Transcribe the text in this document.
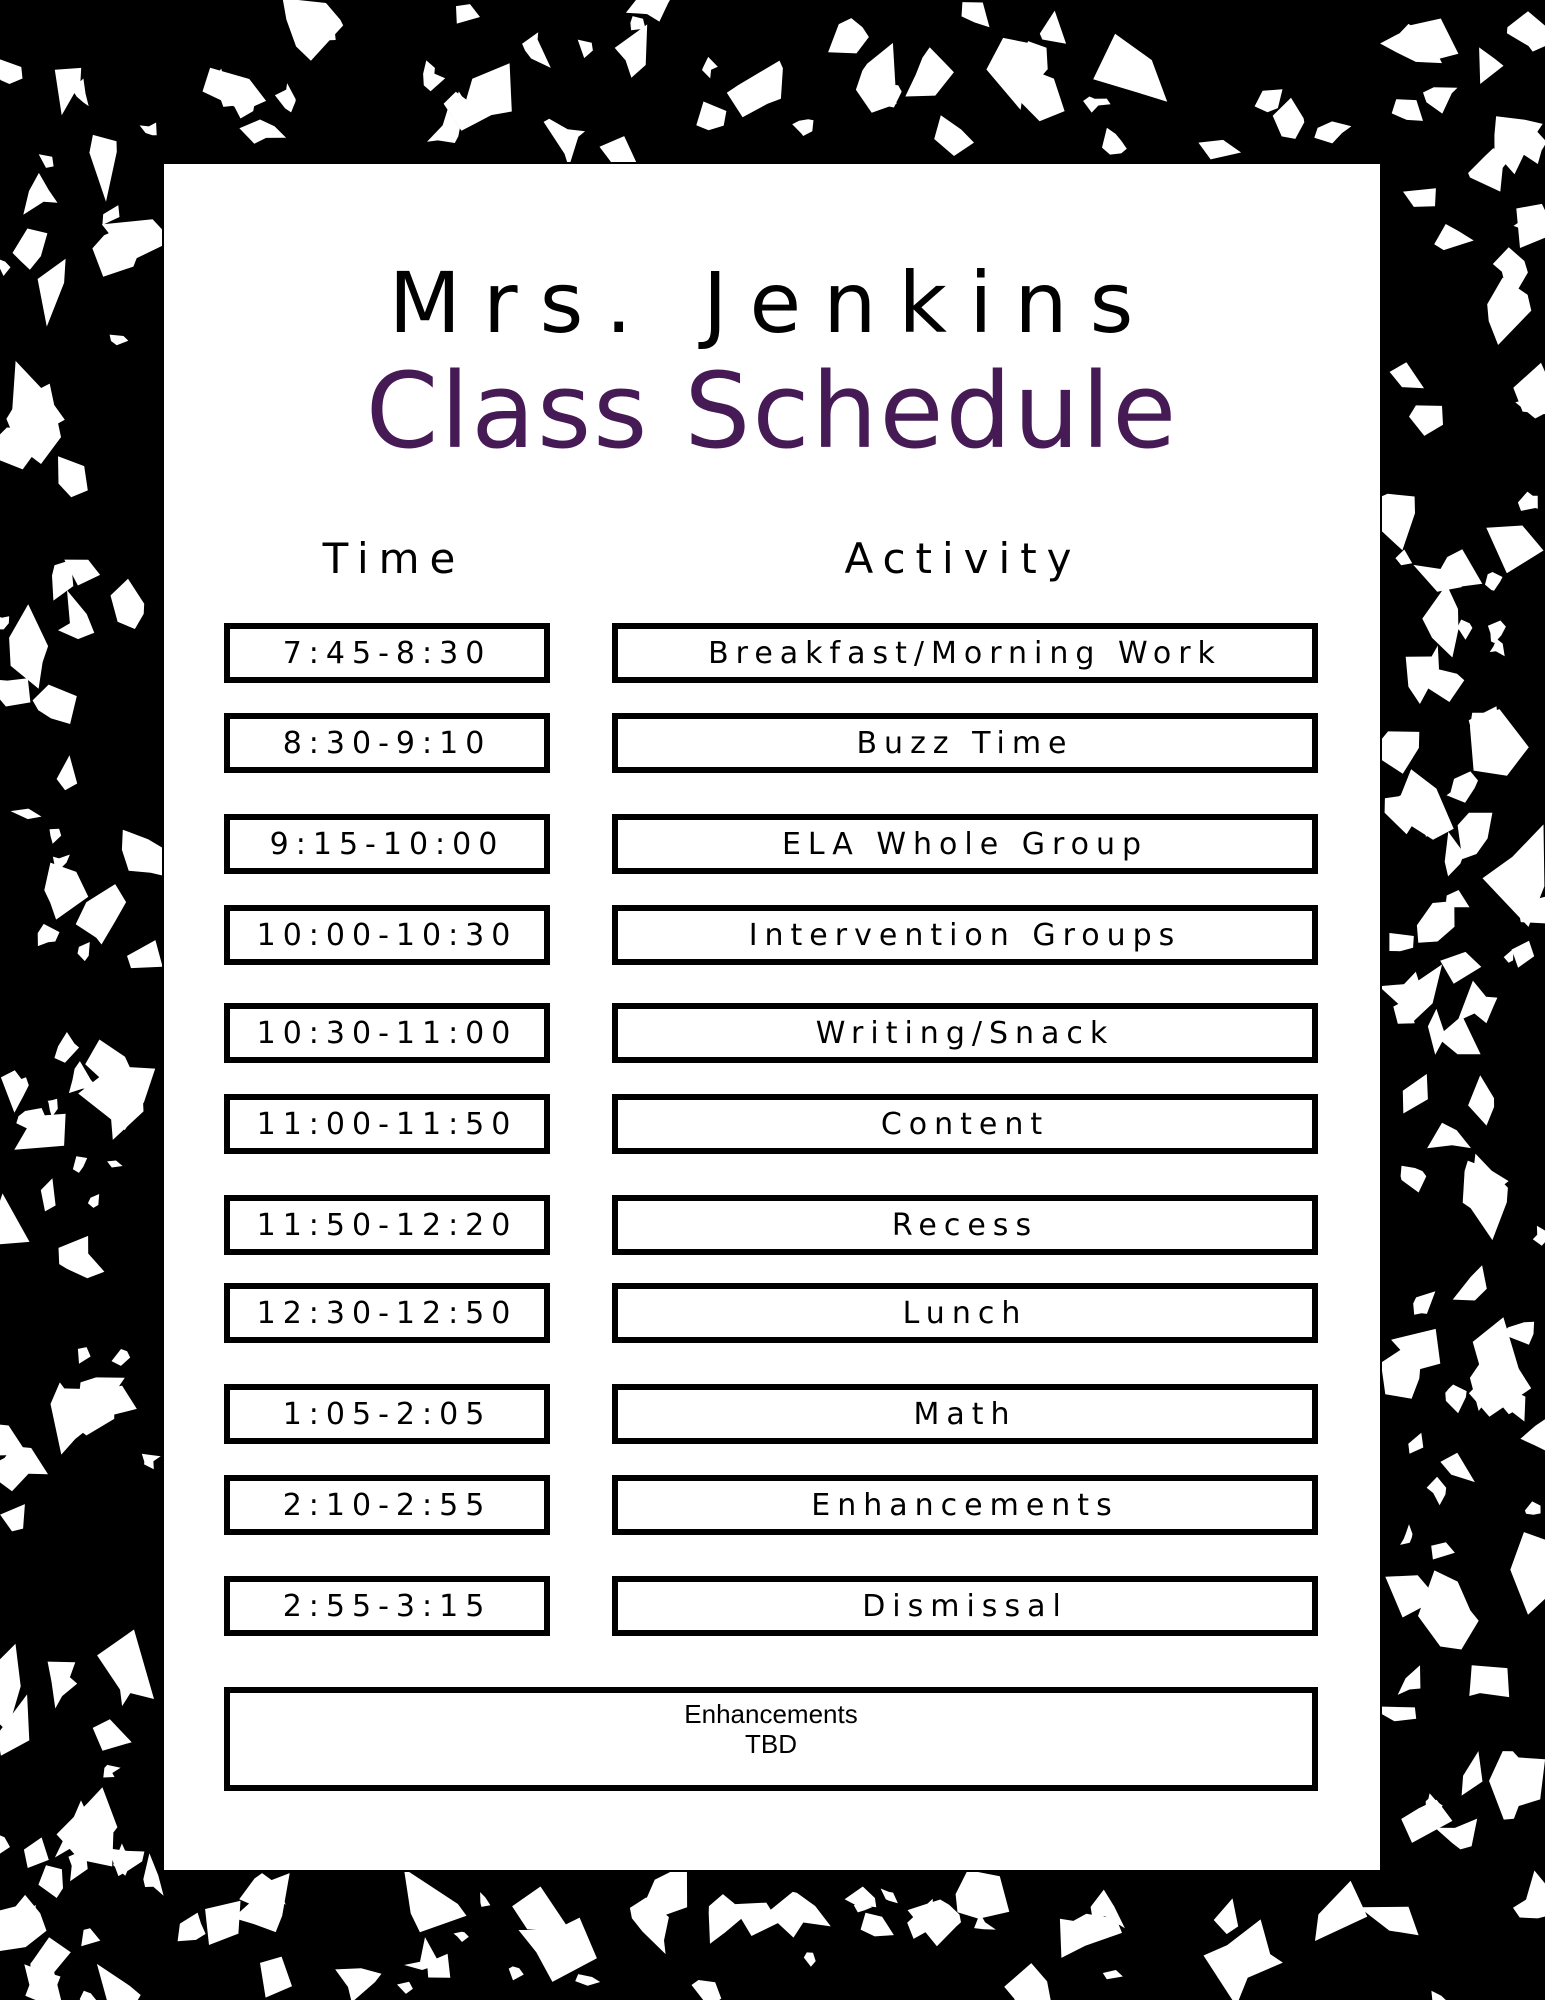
Mrs. Jenkins
Class Schedule
Time	Activity
7:45-8:30	Breakfast/Morning Work
8:30-9:10	Buzz Time
9:15-10:00	ELA Whole Group
10:00-10:30	Intervention Groups
10:30-11:00	Writing/Snack
11:00-11:50	Content
11:50-12:20	Recess
12:30-12:50	Lunch
1:05-2:05	Math
2:10-2:55	Enhancements
2:55-3:15	Dismissal
Enhancements
TBD
